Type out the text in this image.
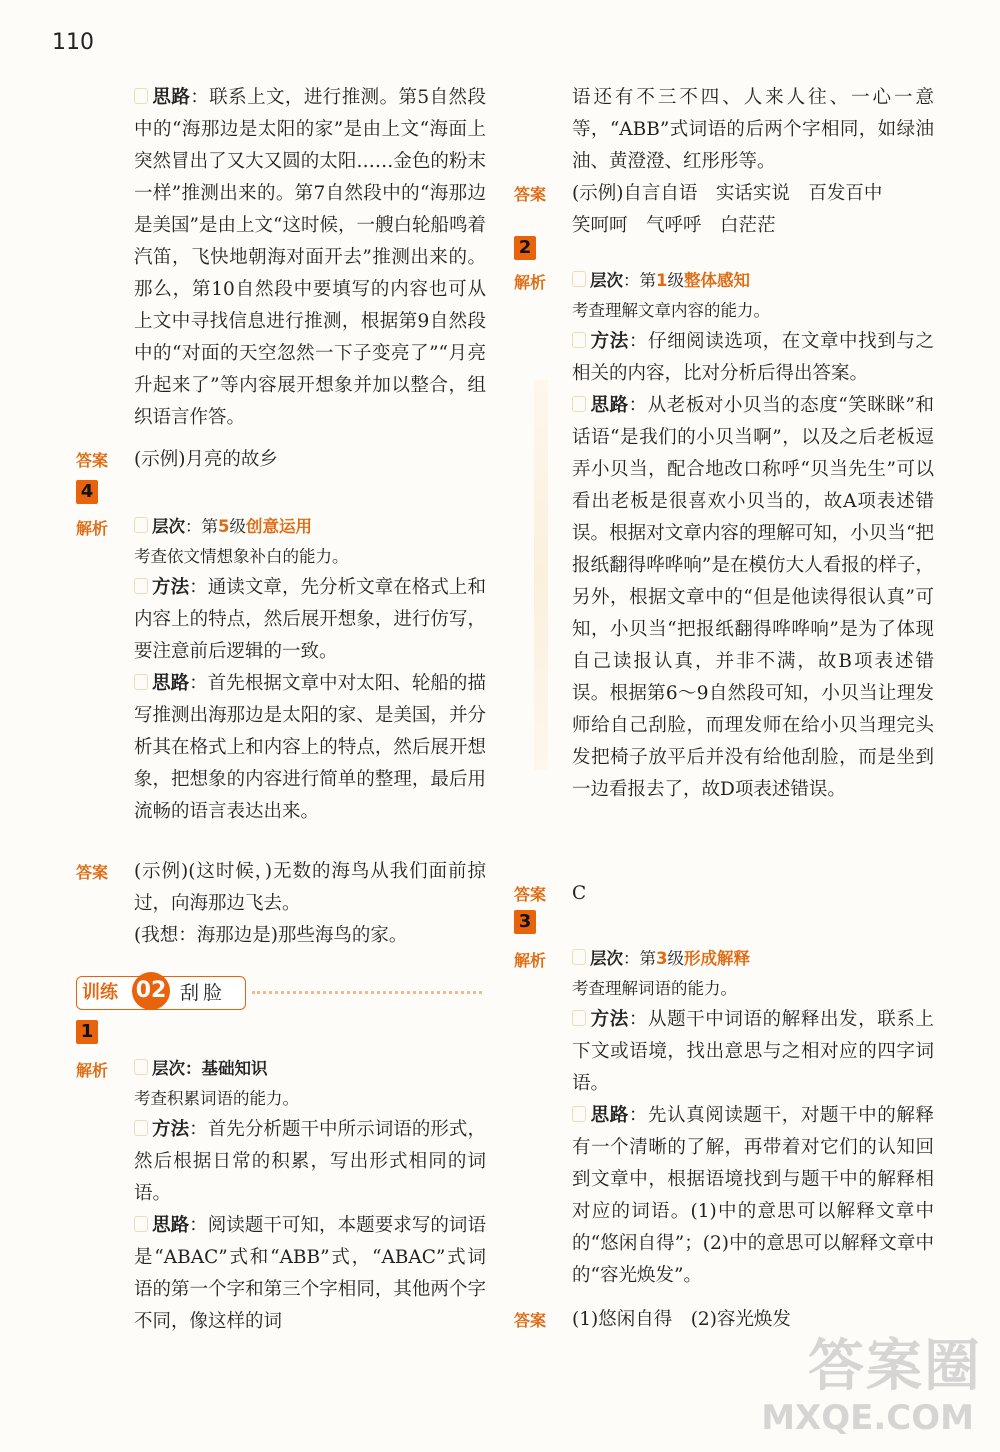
110

思路：联系上文，进行推测。第5自然段中的“海那边是太阳的家”是由上文“海面上突然冒出了又大又圆的太阳……金色的粉末一样”推测出来的。第7自然段中的“海那边是美国”是由上文“这时候，一艘白轮船鸣着汽笛，飞快地朝海对面开去”推测出来的。那么，第10自然段中要填写的内容也可从上文中寻找信息进行推测，根据第9自然段中的“对面的天空忽然一下子变亮了”“月亮升起来了”等内容展开想象并加以整合，组织语言作答。

答案 (示例)月亮的故乡
4
解析	层次：第5级创意运用

考查依文情想象补白的能力。

方法：通读文章，先分析文章在格式上和内容上的特点，然后展开想象，进行仿写，要注意前后逻辑的一致。

思路：首先根据文章中对太阳、轮船的描写推测出海那边是太阳的家、是美国，并分析其在格式上和内容上的特点，然后展开想象，把想象的内容进行简单的整理，最后用流畅的语言表达出来。

答案 (示例)(这时候，)无数的海鸟从我们面前掠过，向海那边飞去。

(我想：海那边是)那些海鸟的家。

1
解析	层次：基础知识

考查积累词语的能力。

方法：首先分析题干中所示词语的形式，然后根据日常的积累，写出形式相同的词语。

思路：阅读题干可知，本题要求写的词语是“ABAC”式和“ABB”式，“ABAC”式词语的第一个字和第三个字相同，其他两个字不同，像这样的词

训练 02 刮脸
语还有不三不四、人来人往、一心一意等，“ABB”式词语的后两个字相同，如绿油油、黄澄澄、红彤彤等。
答案 (示例)自言自语　实话实说　百发百中

笑呵呵　气呼呼　白茫茫

2
解析	层次：第1级整体感知

考查理解文章内容的能力。

方法：仔细阅读选项，在文章中找到与之相关的内容，比对分析后得出答案。

思路：从老板对小贝当的态度“笑眯眯”和话语“是我们的小贝当啊”，以及之后老板逗弄小贝当，配合地改口称呼“贝当先生”可以看出老板是很喜欢小贝当的，故A项表述错误。根据对文章内容的理解可知，小贝当“把报纸翻得哗哗响”是在模仿大人看报的样子，另外，根据文章中的“但是他读得很认真”可知，小贝当“把报纸翻得哗哗响”是为了体现自己读报认真，并非不满，故B项表述错误。根据第6～9自然段可知，小贝当让理发师给自己刮脸，而理发师在给小贝当理完头发把椅子放平后并没有给他刮脸，而是坐到一边看报去了，故D项表述错误。

答案 C
3
解析	层次：第3级形成解释

考查理解词语的能力。

方法：从题干中词语的解释出发，联系上下文或语境，找出意思与之相对应的四字词语。

思路：先认真阅读题干，对题干中的解释有一个清晰的了解，再带着对它们的认知回到文章中，根据语境找到与题干中的解释相对应的词语。(1)中的意思可以解释文章中的“悠闲自得”；(2)中的意思可以解释文章中的“容光焕发”。

答案 (1)悠闲自得　(2)容光焕发
答案圈
MXQE.COM
